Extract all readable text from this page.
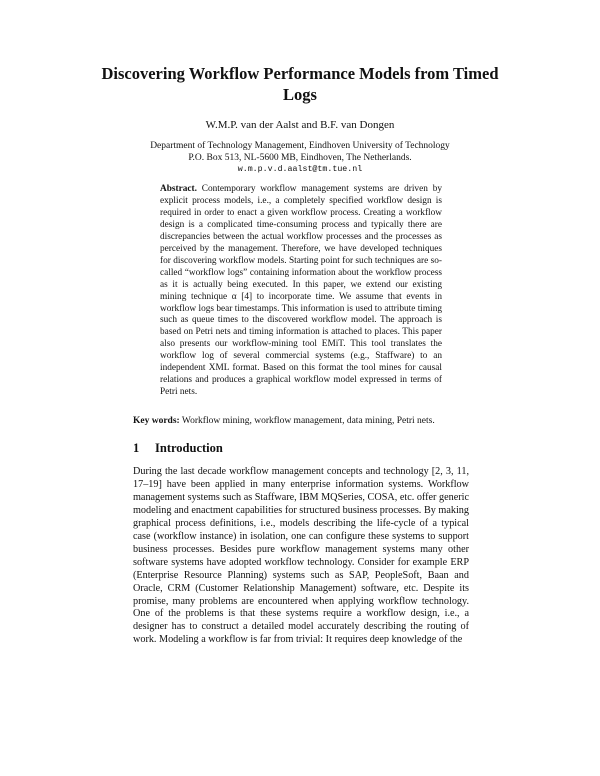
Discovering Workflow Performance Models from Timed Logs
W.M.P. van der Aalst and B.F. van Dongen
Department of Technology Management, Eindhoven University of Technology
P.O. Box 513, NL-5600 MB, Eindhoven, The Netherlands.
w.m.p.v.d.aalst@tm.tue.nl
Abstract. Contemporary workflow management systems are driven by explicit process models, i.e., a completely specified workflow design is required in order to enact a given workflow process. Creating a workflow design is a complicated time-consuming process and typically there are discrepancies between the actual workflow processes and the processes as perceived by the management. Therefore, we have developed techniques for discovering workflow models. Starting point for such techniques are so-called “workflow logs” containing information about the workflow process as it is actually being executed. In this paper, we extend our existing mining technique α [4] to incorporate time. We assume that events in workflow logs bear timestamps. This information is used to attribute timing such as queue times to the discovered workflow model. The approach is based on Petri nets and timing information is attached to places. This paper also presents our workflow-mining tool EMiT. This tool translates the workflow log of several commercial systems (e.g., Staffware) to an independent XML format. Based on this format the tool mines for causal relations and produces a graphical workflow model expressed in terms of Petri nets.
Key words: Workflow mining, workflow management, data mining, Petri nets.
1 Introduction
During the last decade workflow management concepts and technology [2, 3, 11, 17–19] have been applied in many enterprise information systems. Workflow management systems such as Staffware, IBM MQSeries, COSA, etc. offer generic modeling and enactment capabilities for structured business processes. By making graphical process definitions, i.e., models describing the life-cycle of a typical case (workflow instance) in isolation, one can configure these systems to support business processes. Besides pure workflow management systems many other software systems have adopted workflow technology. Consider for example ERP (Enterprise Resource Planning) systems such as SAP, PeopleSoft, Baan and Oracle, CRM (Customer Relationship Management) software, etc. Despite its promise, many problems are encountered when applying workflow technology. One of the problems is that these systems require a workflow design, i.e., a designer has to construct a detailed model accurately describing the routing of work. Modeling a workflow is far from trivial: It requires deep knowledge of the
